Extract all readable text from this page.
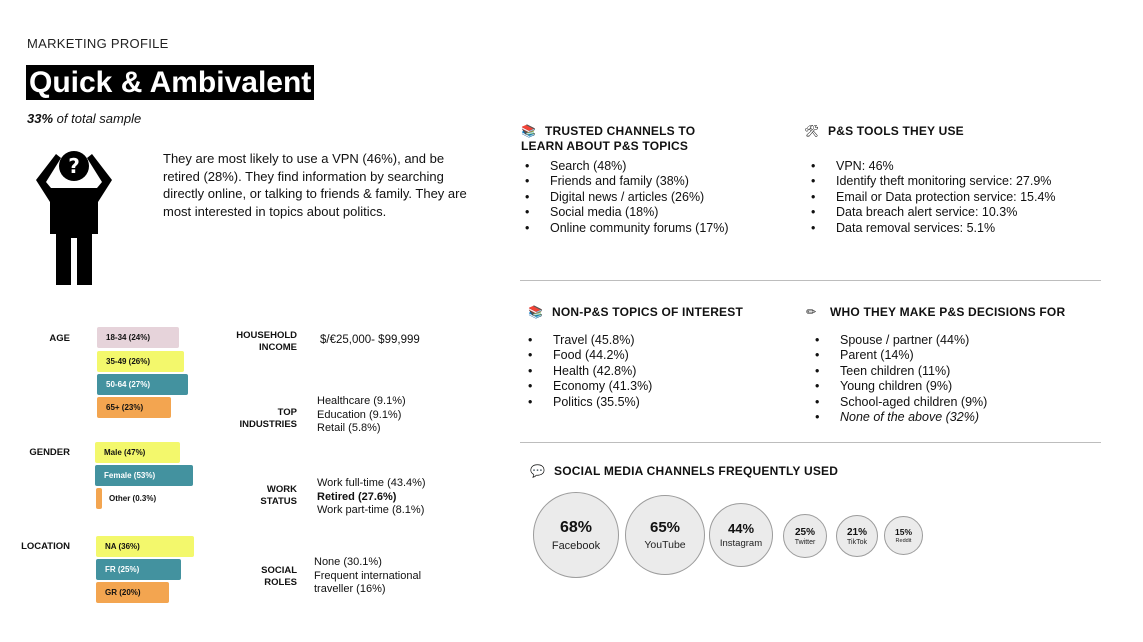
MARKETING PROFILE
Quick & Ambivalent
33% of total sample
?	They are most likely to use a VPN (46%), and be retired (28%). They find information by searching directly online, or talking to friends & family. They are most interested in topics about politics.
AGE
GENDER
LOCATION
18-34 (24%)
35-49 (26%)
50-64 (27%)
65+ (23%)
Male (47%)
Female (53%)
Other (0.3%)
NA (36%)
FR (25%)
GR (20%)
HOUSEHOLD
INCOME
$/€25,000- $99,999
TOP
INDUSTRIES
Healthcare (9.1%)
Education (9.1%)
Retail (5.8%)
WORK
STATUS
Work full-time (43.4%)
Retired (27.6%)
Work part-time (8.1%)
SOCIAL
ROLES
None (30.1%)
Frequent international
traveller (16%)
📚 TRUSTED CHANNELS TO
LEARN ABOUT P&S TOPICS
• Search (48%)
• Friends and family (38%)
• Digital news / articles (26%)
• Social media (18%)
• Online community forums (17%)
🛠 P&S TOOLS THEY USE
• VPN: 46%
• Identify theft monitoring service: 27.9%
• Email or Data protection service: 15.4%
• Data breach alert service: 10.3%
• Data removal services: 5.1%
📚 NON-P&S TOPICS OF INTEREST
• Travel (45.8%)
• Food (44.2%)
• Health (42.8%)
• Economy (41.3%)
• Politics (35.5%)
✏ WHO THEY MAKE P&S DECISIONS FOR
• Spouse / partner (44%)
• Parent (14%)
• Teen children (11%)
• Young children (9%)
• School-aged children (9%)
• None of the above (32%)
💬 SOCIAL MEDIA CHANNELS FREQUENTLY USED
68%
Facebook
65%
YouTube
44%
Instagram
25%
Twitter
21%
TikTok
15%
Reddit
